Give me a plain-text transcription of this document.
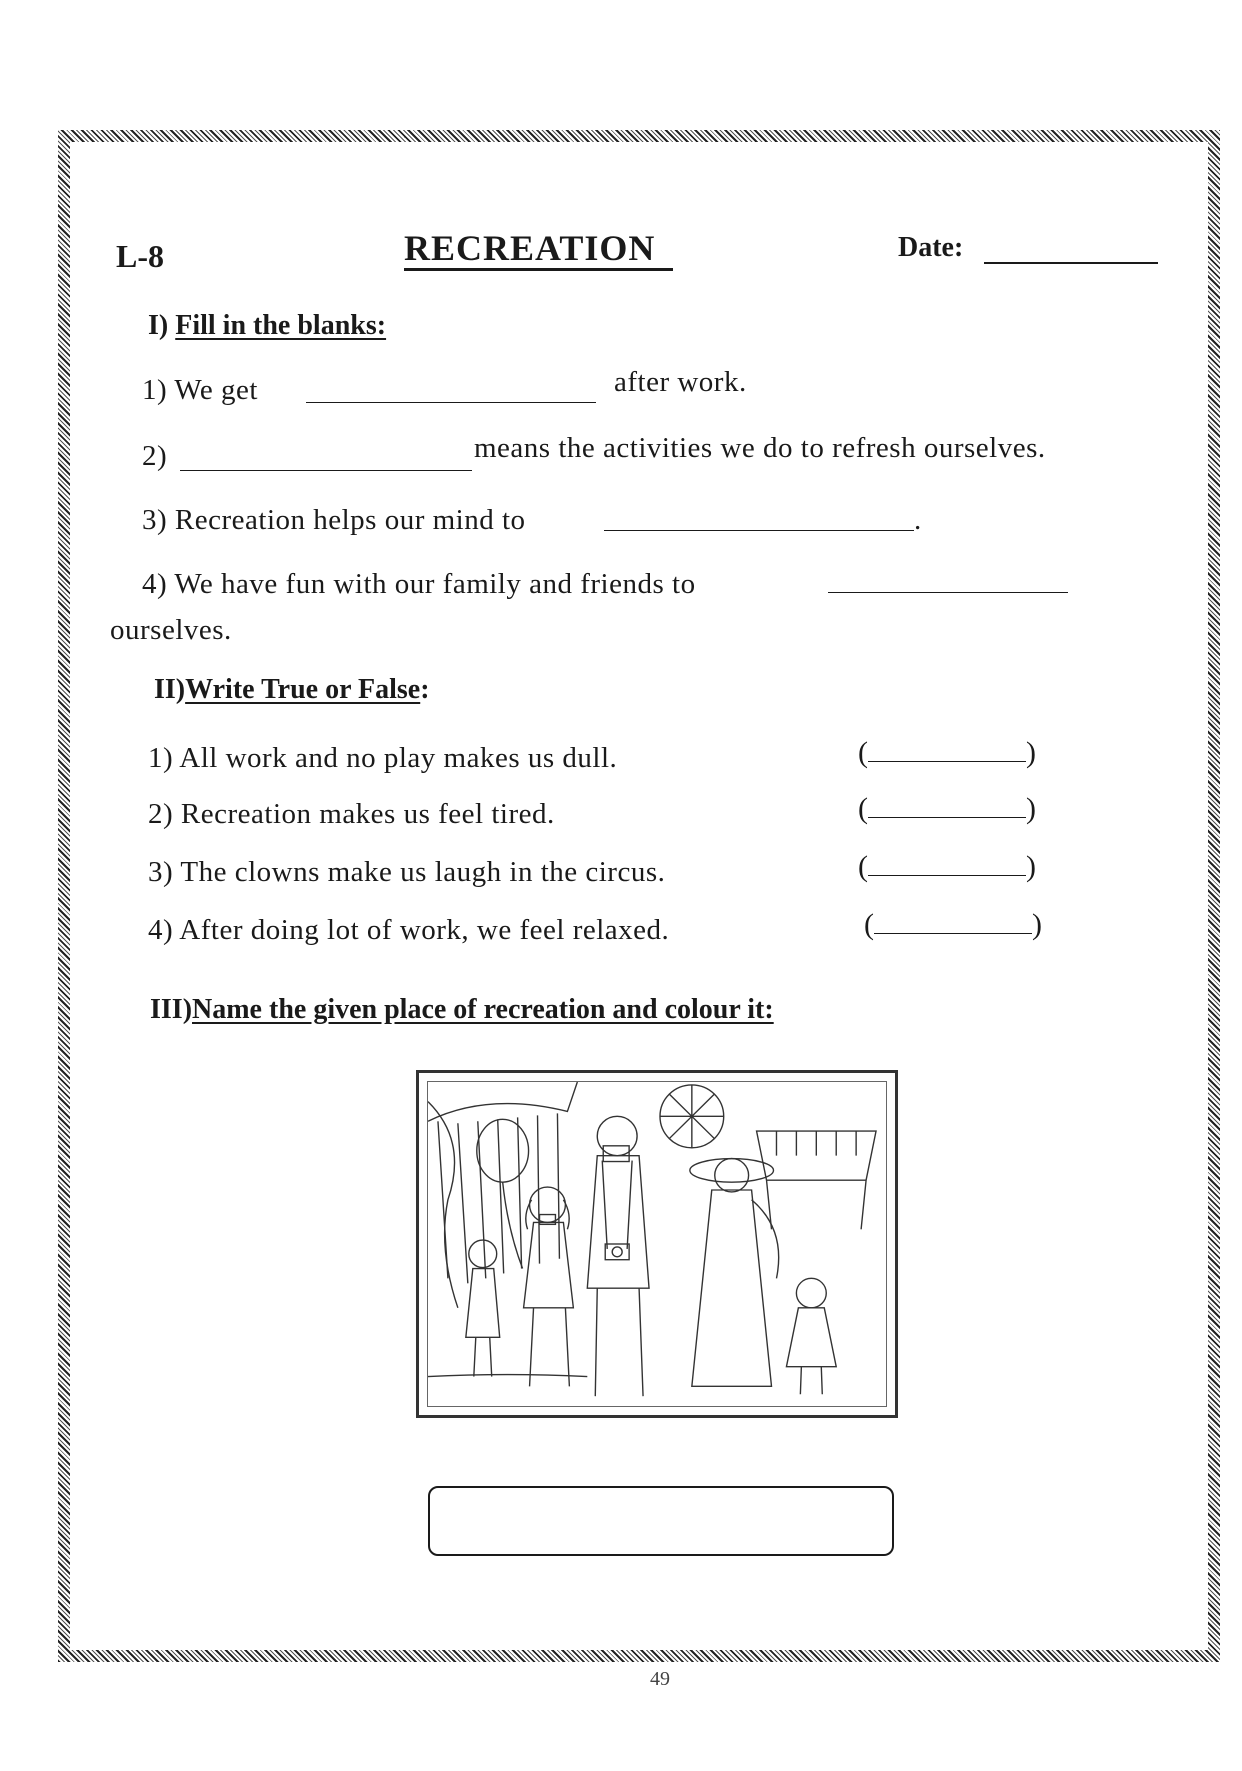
L-8	RECREATION	Date:
I) Fill in the blanks:
1) We get	after work.
2)	means the activities we do to refresh ourselves.
3) Recreation helps our mind to	.
4) We have fun with our family and friends to
ourselves.
II)Write True or False:
1) All work and no play makes us dull.	(	)
2) Recreation makes us feel tired.	(	)
3) The clowns make us laugh in the circus.	(	)
4) After doing lot of work, we feel relaxed.	(	)
III)Name the given place of recreation and colour it:
49
